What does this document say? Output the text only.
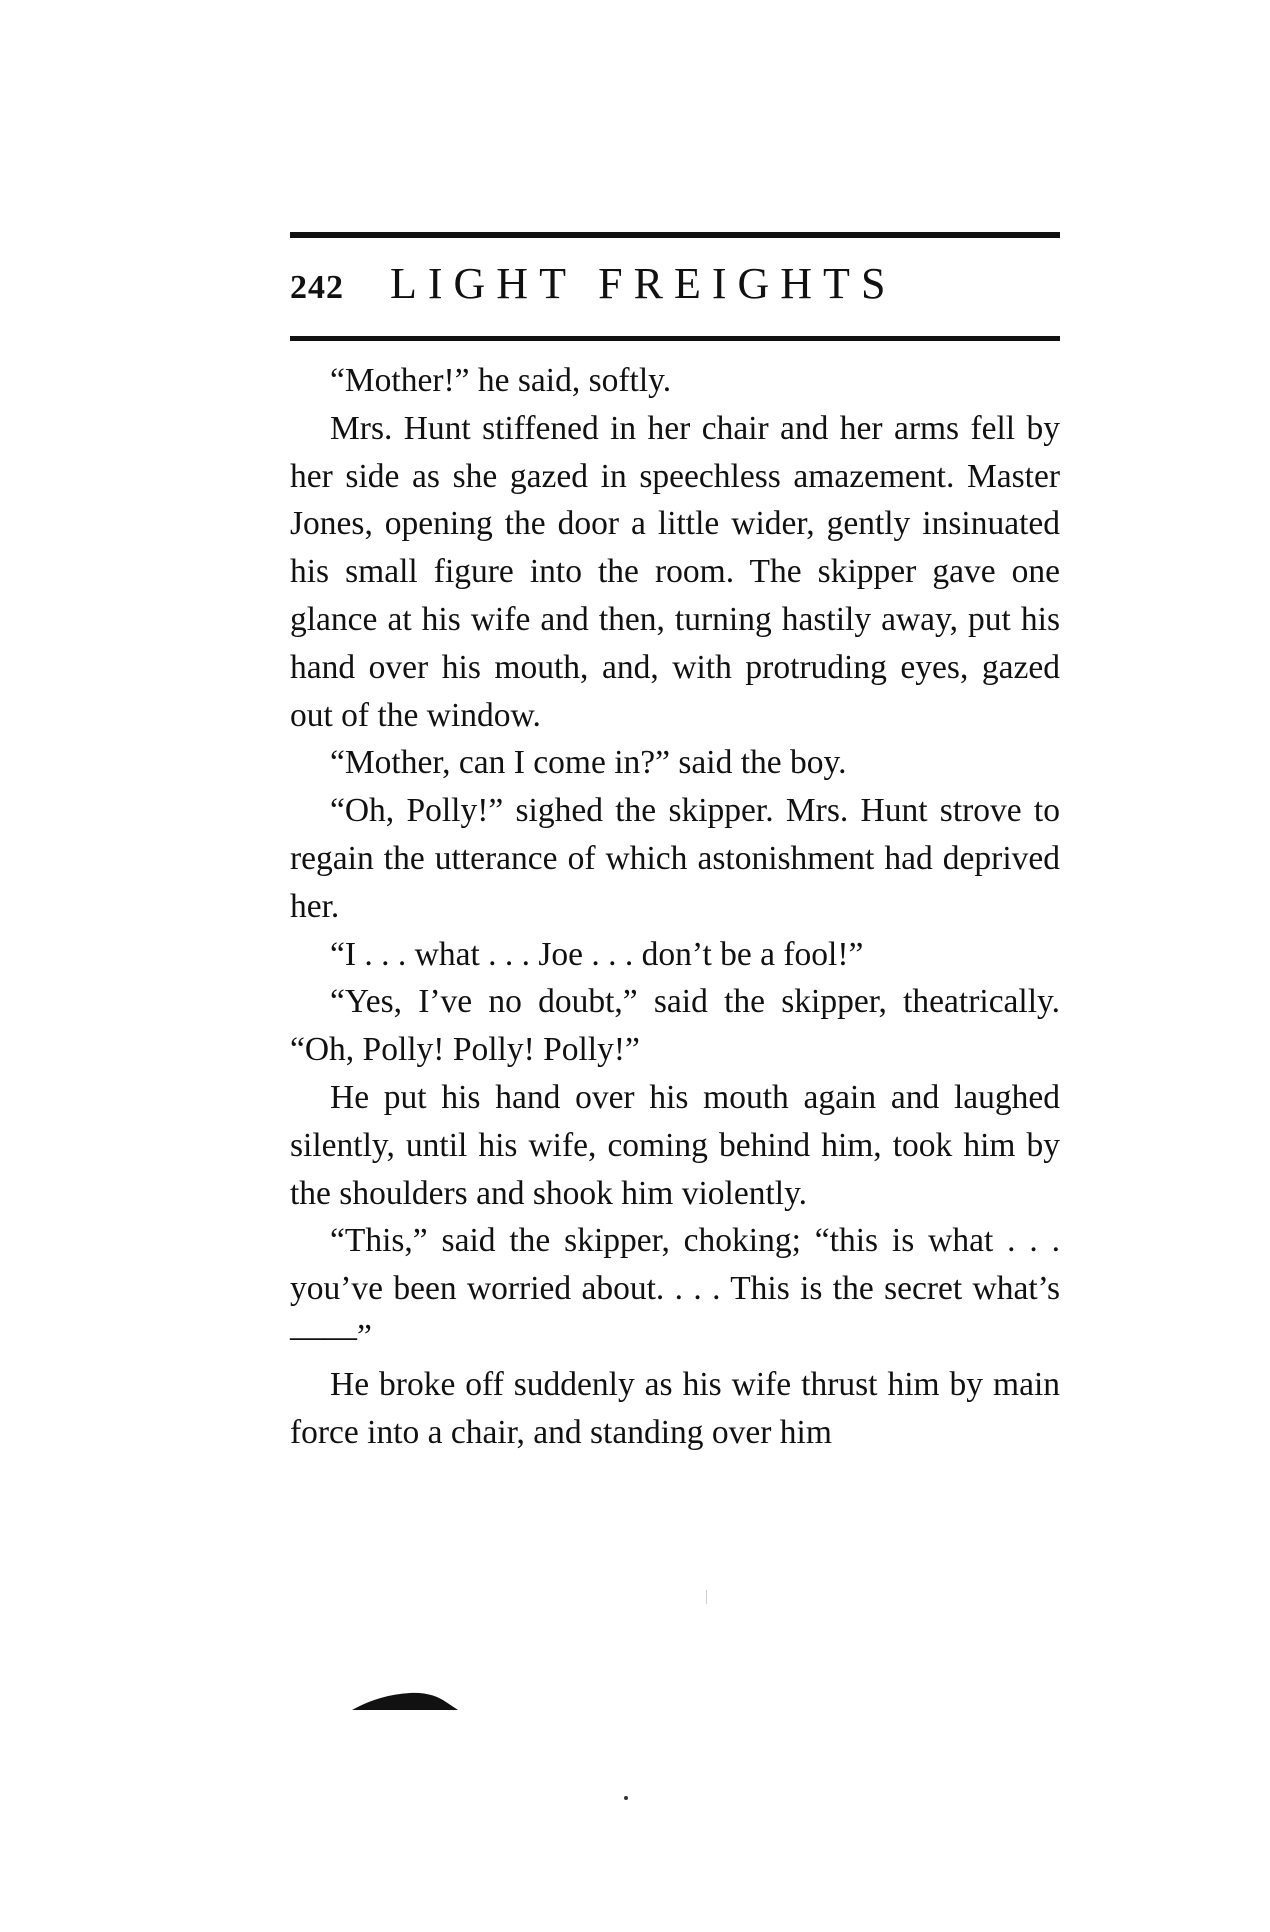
242	LIGHT FREIGHTS

“Mother!” he said, softly.

Mrs. Hunt stiffened in her chair and her arms fell by her side as she gazed in speechless amazement. Master Jones, opening the door a little wider, gently insinuated his small figure into the room. The skipper gave one glance at his wife and then, turning hastily away, put his hand over his mouth, and, with protruding eyes, gazed out of the window.

“Mother, can I come in?” said the boy.

“Oh, Polly!” sighed the skipper. Mrs. Hunt strove to regain the utterance of which astonishment had deprived her.

“I . . . what . . . Joe . . . don’t be a fool!”

“Yes, I’ve no doubt,” said the skipper, theatrically. “Oh, Polly! Polly! Polly!”

He put his hand over his mouth again and laughed silently, until his wife, coming behind him, took him by the shoulders and shook him violently.

“This,” said the skipper, choking; “this is what . . . you’ve been worried about. . . . This is the secret what’s——”

He broke off suddenly as his wife thrust him by main force into a chair, and standing over him
